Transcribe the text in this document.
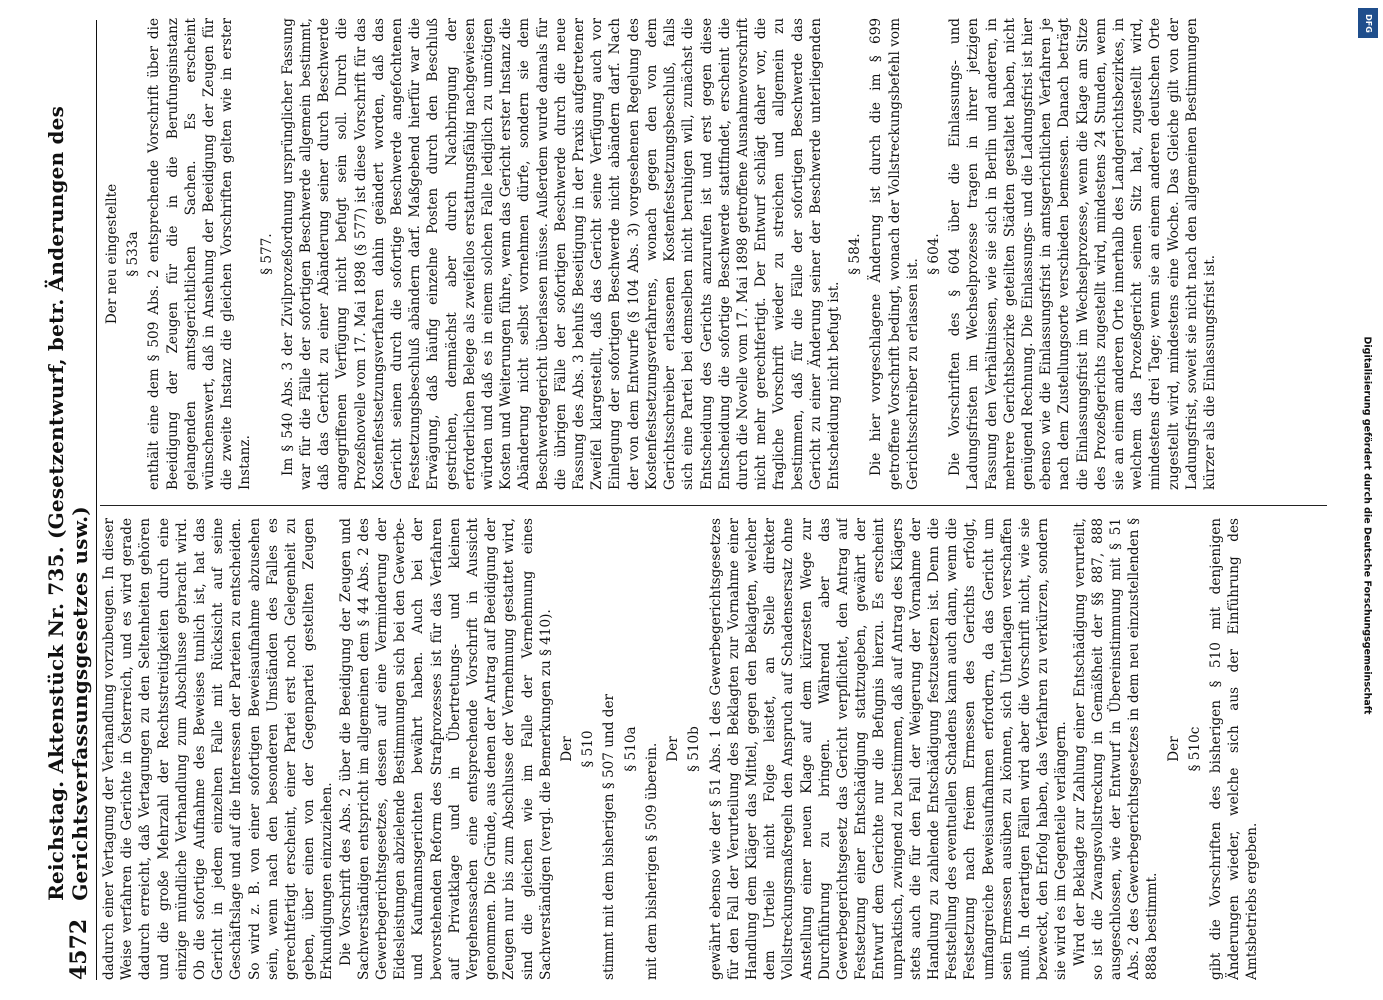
4572
Reichstag. Aktenstück Nr. 735. (Gesetzentwurf, betr. Änderungen des Gerichtsverfassungsgesetzes usw.) dadurch einer Vertagung der Verhandlung vorzubeugen. In dieser Weise verfahren die Gerichte in Österreich, und es wird gerade dadurch erreicht, daß Vertagungen zu den Seltenheiten gehören und die große Mehrzahl der Rechtsstreitigkeiten durch eine einzige mündliche Verhandlung zum Abschlusse gebracht wird. Ob die sofortige Aufnahme des Beweises tunlich ist, hat das Gericht in jedem einzelnen Falle mit Rücksicht auf seine Geschäftslage und auf die Interessen der Parteien zu entscheiden. So wird z. B. von einer sofortigen Beweisaufnahme abzusehen sein, wenn nach den besonderen Umständen des Falles es gerechtfertigt erscheint, einer Partei erst noch Gelegenheit zu geben, über einen von der Gegenpartei gestellten Zeugen Erkundigungen einzuziehen. Die Vorschrift des Abs. 2 über die Beeidigung der Zeugen und Sachverständigen entspricht im allgemeinen dem § 44 Abs. 2 des Gewerbegerichtsgesetzes, dessen auf eine Verminderung der Eidesleistungen abzielende Bestimmungen sich bei den Gewerbe- und Kaufmannsgerichten bewährt haben. Auch bei der bevorstehenden Reform des Strafprozesses ist für das Verfahren auf Privatklage und in Übertretungs- und kleinen Vergehenssachen eine entsprechende Vorschrift in Aussicht genommen. Die Gründe, aus denen der Antrag auf Beeidigung der Zeugen nur bis zum Abschlusse der Vernehmung gestattet wird, sind die gleichen wie im Falle der Vernehmung eines Sachverständigen (vergl. die Bemerkungen zu § 410). Der § 510 stimmt mit dem bisherigen § 507 und der § 510a mit dem bisherigen § 509 überein. Der § 510b gewährt ebenso wie der § 51 Abs. 1 des Gewerbegerichtsgesetzes für den Fall der Verurteilung des Beklagten zur Vornahme einer Handlung dem Kläger das Mittel, gegen den Beklagten, welcher dem Urteile nicht Folge leistet, an Stelle direkter Vollstreckungsmaßregeln den Anspruch auf Schadensersatz ohne Anstellung einer neuen Klage auf dem kürzesten Wege zur Durchführung zu bringen. Während aber das Gewerbegerichtsgesetz das Gericht verpflichtet, den Antrag auf Festsetzung einer Entschädigung stattzugeben, gewährt der Entwurf dem Gerichte nur die Befugnis hierzu. Es erscheint unpraktisch, zwingend zu bestimmen, daß auf Antrag des Klägers stets auch die für den Fall der Weigerung der Vornahme der Handlung zu zahlende Entschädigung festzusetzen ist. Denn die Feststellung des eventuellen Schadens kann auch dann, wenn die Festsetzung nach freiem Ermessen des Gerichts erfolgt, umfangreiche Beweisaufnahmen erfordern, da das Gericht um sein Ermessen ausüben zu können, sich Unterlagen verschaffen muß. In derartigen Fällen wird aber die Vorschrift nicht, wie sie bezweckt, den Erfolg haben, das Verfahren zu verkürzen, sondern sie wird es im Gegenteile verlängern. Wird der Beklagte zur Zahlung einer Entschädigung verurteilt, so ist die Zwangsvollstreckung in Gemäßheit der §§ 887, 888 ausgeschlossen, wie der Entwurf in Übereinstimmung mit § 51 Abs. 2 des Gewerbegerichtsgesetzes in dem neu einzustellenden § 888a bestimmt.

Der § 510c gibt die Vorschriften des bisherigen § 510 mit denjenigen Änderungen wieder, welche sich aus der Einführung des Amtsbetriebs ergeben.

Der neu eingestellte § 533a enthält eine dem § 509 Abs. 2 entsprechende Vorschrift über die Beeidigung der Zeugen für die in die Berufungsinstanz gelangenden amtsgerichtlichen Sachen. Es erscheint wünschenswert, daß in Ansehung der Beeidigung der Zeugen für die zweite Instanz die gleichen Vorschriften gelten wie in erster Instanz.

§ 577. Im § 540 Abs. 3 der Zivilprozeßordnung ursprünglicher Fassung war für die Fälle der sofortigen Beschwerde allgemein bestimmt, daß das Gericht zu einer Abänderung seiner durch Beschwerde angegriffenen Verfügung nicht befugt sein soll. Durch die Prozeßnovelle vom 17. Mai 1898 (§ 577) ist diese Vorschrift für das Kostenfestsetzungsverfahren dahin geändert worden, daß das Gericht seinen durch die sofortige Beschwerde angefochtenen Festsetzungsbeschluß abändern darf. Maßgebend hierfür war die Erwägung, daß häufig einzelne Posten durch den Beschluß gestrichen, demnächst aber durch Nachbringung der erforderlichen Belege als zweifellos erstattungsfähig nachgewiesen würden und daß es in einem solchen Falle lediglich zu unnötigen Kosten und Weiterungen führe, wenn das Gericht erster Instanz die Abänderung nicht selbst vornehmen dürfe, sondern sie dem Beschwerdegericht überlassen müsse. Außerdem wurde damals für die übrigen Fälle der sofortigen Beschwerde durch die neue Fassung des Abs. 3 behufs Beseitigung in der Praxis aufgetretener Zweifel klargestellt, daß das Gericht seine Verfügung auch vor Einlegung der sofortigen Beschwerde nicht abändern darf. Nach der von dem Entwurfe (§ 104 Abs. 3) vorgesehenen Regelung des Kostenfestsetzungsverfahrens, wonach gegen den von dem Gerichtsschreiber erlassenen Kostenfestsetzungsbeschluß, falls sich eine Partei bei demselben nicht beruhigen will, zunächst die Entscheidung des Gerichts anzurufen ist und erst gegen diese Entscheidung die sofortige Beschwerde stattfindet, erscheint die durch die Novelle vom 17. Mai 1898 getroffene Ausnahmevorschrift nicht mehr gerechtfertigt. Der Entwurf schlägt daher vor, die fragliche Vorschrift wieder zu streichen und allgemein zu bestimmen, daß für die Fälle der sofortigen Beschwerde das Gericht zu einer Änderung seiner der Beschwerde unterliegenden Entscheidung nicht befugt ist.

§ 584. Die hier vorgeschlagene Änderung ist durch die im § 699 getroffene Vorschrift bedingt, wonach der Vollstreckungsbefehl vom Gerichtsschreiber zu erlassen ist.

§ 604. Die Vorschriften des § 604 über die Einlassungs- und Ladungsfristen im Wechselprozesse tragen in ihrer jetzigen Fassung den Verhältnissen, wie sie sich in Berlin und anderen, in mehrere Gerichtsbezirke geteilten Städten gestaltet haben, nicht genügend Rechnung. Die Einlassungs- und die Ladungsfrist ist hier ebenso wie die Einlassungsfrist in amtsgerichtlichen Verfahren je nach dem Zustellungsorte verschieden bemessen. Danach beträgt die Einlassungsfrist im Wechselprozesse, wenn die Klage am Sitze des Prozeßgerichts zugestellt wird, mindestens 24 Stunden, wenn sie an einem anderen Orte innerhalb des Landgerichtsbezirkes, in welchem das Prozeßgericht seinen Sitz hat, zugestellt wird, mindestens drei Tage; wenn sie an einem anderen deutschen Orte zugestellt wird, mindestens eine Woche. Das Gleiche gilt von der Ladungsfrist, soweit sie nicht nach den allgemeinen Bestimmungen kürzer als die Einlassungsfrist ist.

DFG
Digitalisierung gefördert durch die Deutsche Forschungsgemeinschaft
